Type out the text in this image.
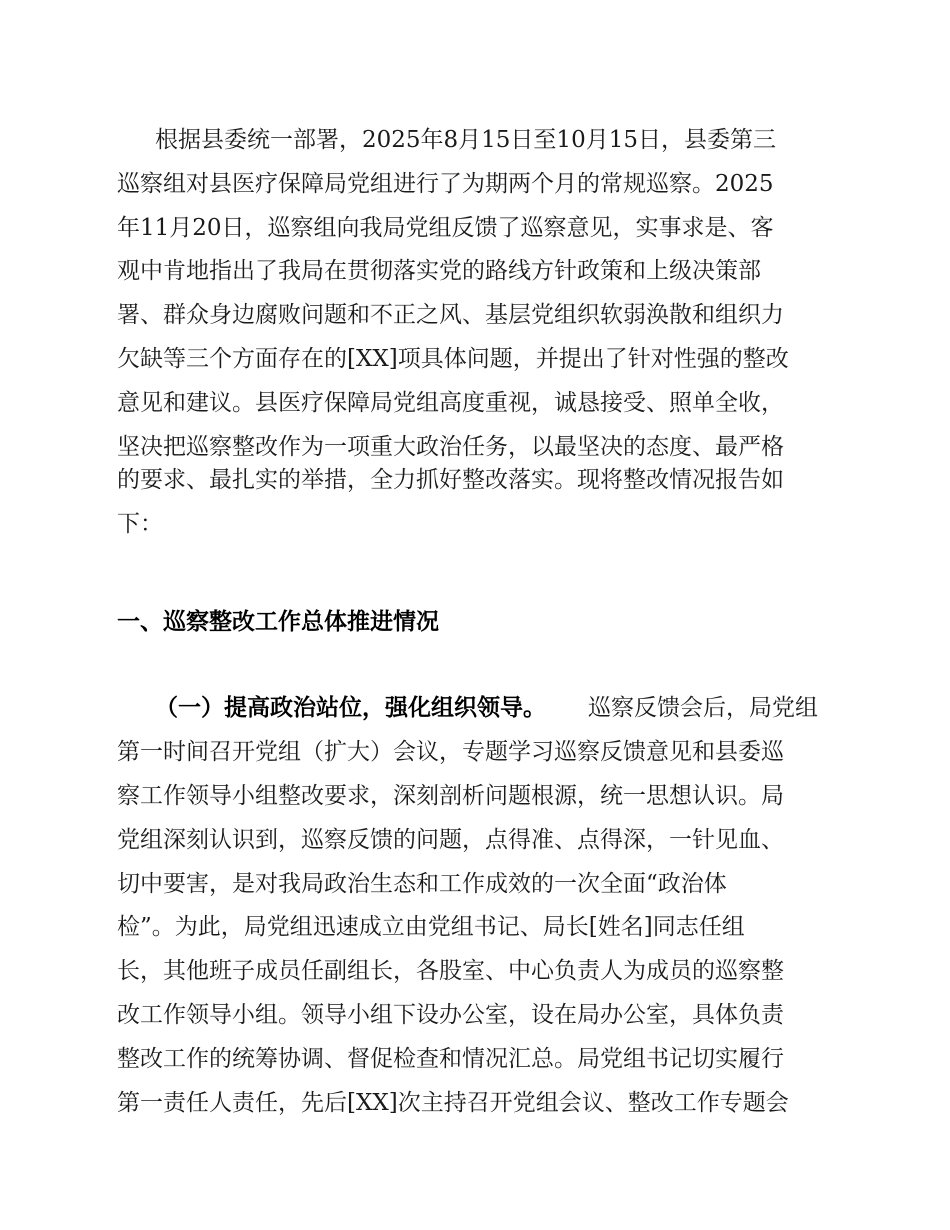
根据县委统一部署，2025年8月15日至10月15日，县委第三
巡察组对县医疗保障局党组进行了为期两个月的常规巡察。2025
年11月20日，巡察组向我局党组反馈了巡察意见，实事求是、客
观中肯地指出了我局在贯彻落实党的路线方针政策和上级决策部
署、群众身边腐败问题和不正之风、基层党组织软弱涣散和组织力
欠缺等三个方面存在的[XX]项具体问题，并提出了针对性强的整改
意见和建议。县医疗保障局党组高度重视，诚恳接受、照单全收，
坚决把巡察整改作为一项重大政治任务，以最坚决的态度、最严格
的要求、最扎实的举措，全力抓好整改落实。现将整改情况报告如
下：
一、巡察整改工作总体推进情况
（一）提高政治站位，强化组织领导。 巡察反馈会后，局党组
第一时间召开党组（扩大）会议，专题学习巡察反馈意见和县委巡
察工作领导小组整改要求，深刻剖析问题根源，统一思想认识。局
党组深刻认识到，巡察反馈的问题，点得准、点得深，一针见血、
切中要害，是对我局政治生态和工作成效的一次全面“政治体
检”。为此，局党组迅速成立由党组书记、局长[姓名]同志任组
长，其他班子成员任副组长，各股室、中心负责人为成员的巡察整
改工作领导小组。领导小组下设办公室，设在局办公室，具体负责
整改工作的统筹协调、督促检查和情况汇总。局党组书记切实履行
第一责任人责任，先后[XX]次主持召开党组会议、整改工作专题会
